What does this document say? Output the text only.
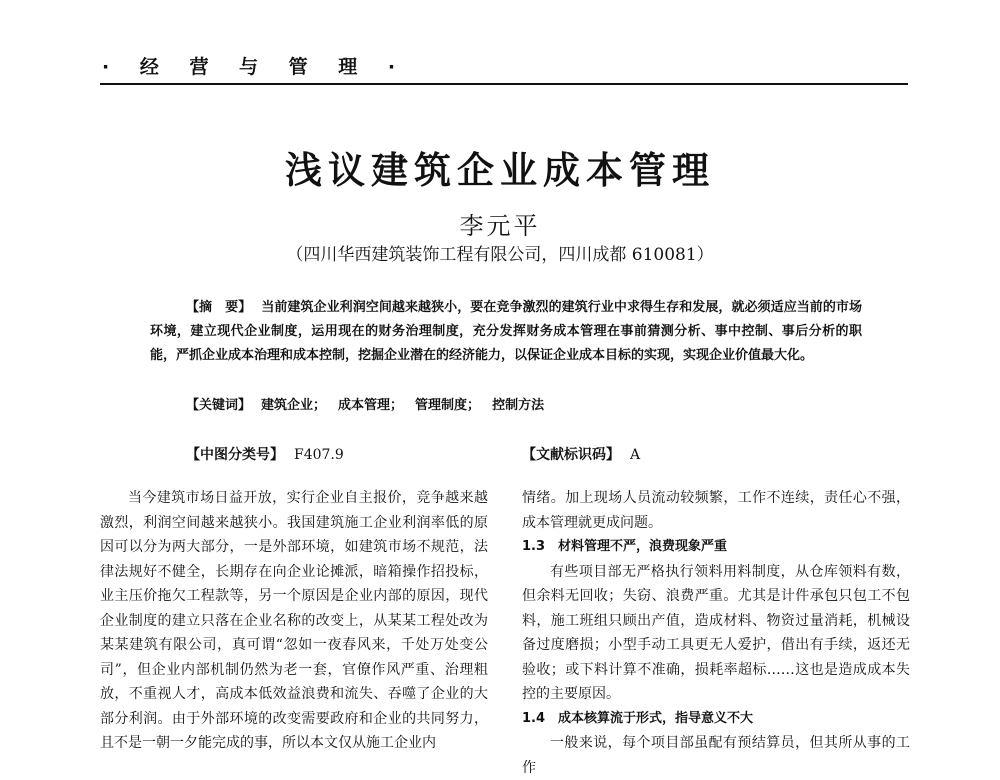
· 经 营 与 管 理 ·
浅议建筑企业成本管理
李元平
（四川华西建筑装饰工程有限公司，四川成都 610081）
【摘　要】 当前建筑企业利润空间越来越狭小，要在竞争激烈的建筑行业中求得生存和发展，就必须适应当前的市场环境，建立现代企业制度，运用现在的财务治理制度，充分发挥财务成本管理在事前猜测分析、事中控制、事后分析的职能，严抓企业成本治理和成本控制，挖掘企业潜在的经济能力，以保证企业成本目标的实现，实现企业价值最大化。
【关键词】 建筑企业； 成本管理； 管理制度； 控制方法
【中图分类号】 F407.9	【文献标识码】 A

当今建筑市场日益开放，实行企业自主报价，竞争越来越激烈，利润空间越来越狭小。我国建筑施工企业利润率低的原因可以分为两大部分，一是外部环境，如建筑市场不规范，法律法规好不健全，长期存在向企业论摊派，暗箱操作招投标，业主压价拖欠工程款等，另一个原因是企业内部的原因，现代企业制度的建立只落在企业名称的改变上，从某某工程处改为某某建筑有限公司，真可谓“忽如一夜春风来，千处万处变公司”，但企业内部机制仍然为老一套，官僚作风严重、治理粗放，不重视人才，高成本低效益浪费和流失、吞噬了企业的大部分利润。由于外部环境的改变需要政府和企业的共同努力，且不是一朝一夕能完成的事，所以本文仅从施工企业内

情绪。加上现场人员流动较频繁，工作不连续，责任心不强，成本管理就更成问题。

1.3　材料管理不严，浪费现象严重

有些项目部无严格执行领料用料制度，从仓库领料有数，但余料无回收；失窃、浪费严重。尤其是计件承包只包工不包料，施工班组只顾出产值，造成材料、物资过量消耗，机械设备过度磨损；小型手动工具更无人爱护，借出有手续，返还无验收；或下料计算不准确，损耗率超标……这也是造成成本失控的主要原因。

1.4　成本核算流于形式，指导意义不大

一般来说，每个项目部虽配有预结算员，但其所从事的工作
